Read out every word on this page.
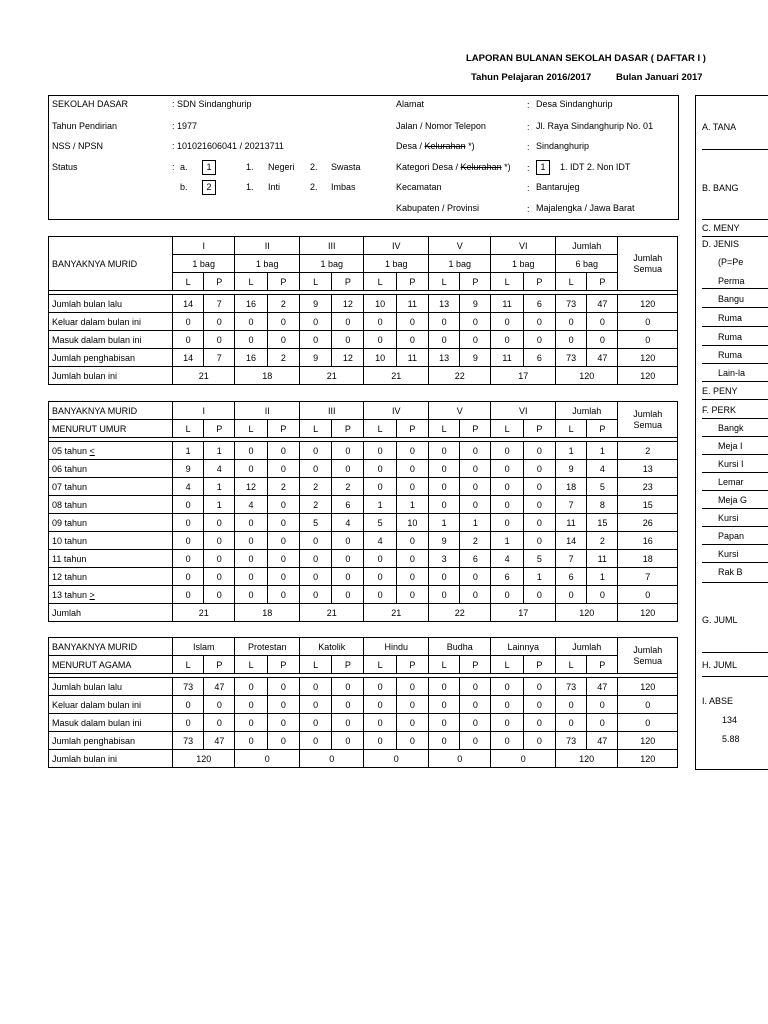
LAPORAN BULANAN SEKOLAH DASAR ( DAFTAR I )
Tahun Pelajaran 2016/2017	Bulan Januari 2017
SEKOLAH DASAR	: SDN Sindanghurip
Tahun Pendirian	: 1977
NSS / NPSN	: 101021606041 / 20213711
Status	: a.	1	1. Negeri 2. Swasta
b.	2	1. Inti	2. Imbas
Alamat	: Desa Sindanghurip
Jalan / Nomor Telepon	: Jl. Raya Sindanghurip No. 01
Desa / Kelurahan *)	: Sindanghurip
Kategori Desa / Kelurahan *) :	1	1. IDT 2. Non IDT
Kecamatan	: Bantarujeg
Kabupaten / Provinsi	: Majalengka / Jawa Barat
BANYAKNYA MURID	I		II		III		IV		V		VI		Jumlah		Jumlah Semua
	1 bag		1 bag		1 bag		1 bag		1 bag		1 bag		6 bag		
	L	P	L	P	L	P	L	P	L	P	L	P	L	P	

Jumlah bulan lalu	14	7	16	2	9	12	10	11	13	9	11	6	73	47	120
Keluar dalam bulan ini	0	0	0	0	0	0	0	0	0	0	0	0	0	0	0
Masuk dalam bulan ini	0	0	0	0	0	0	0	0	0	0	0	0	0	0	0
Jumlah penghabisan	14	7	16	2	9	12	10	11	13	9	11	6	73	47	120
Jumlah bulan ini	21		18		21		21		22		17		120		120
BANYAKNYA MURID	I		II		III		IV		V		VI		Jumlah		Jumlah Semua
MENURUT UMUR	L	P	L	P	L	P	L	P	L	P	L	P	L	P	

05 tahun <	1	1	0	0	0	0	0	0	0	0	0	0	1	1	2
06 tahun	9	4	0	0	0	0	0	0	0	0	0	0	9	4	13
07 tahun	4	1	12	2	2	2	0	0	0	0	0	0	18	5	23
08 tahun	0	1	4	0	2	6	1	1	0	0	0	0	7	8	15
09 tahun	0	0	0	0	5	4	5	10	1	1	0	0	11	15	26
10 tahun	0	0	0	0	0	0	4	0	9	2	1	0	14	2	16
11 tahun	0	0	0	0	0	0	0	0	3	6	4	5	7	11	18
12 tahun	0	0	0	0	0	0	0	0	0	0	6	1	6	1	7
13 tahun >	0	0	0	0	0	0	0	0	0	0	0	0	0	0	0
Jumlah	21		18		21		21		22		17		120		120
BANYAKNYA MURID	Islam		Protestan		Katolik		Hindu		Budha		Lainnya		Jumlah		Jumlah Semua
MENURUT AGAMA	L	P	L	P	L	P	L	P	L	P	L	P	L	P	

Jumlah bulan lalu	73	47	0	0	0	0	0	0	0	0	0	0	73	47	120
Keluar dalam bulan ini	0	0	0	0	0	0	0	0	0	0	0	0	0	0	0
Masuk dalam bulan ini	0	0	0	0	0	0	0	0	0	0	0	0	0	0	0
Jumlah penghabisan	73	47	0	0	0	0	0	0	0	0	0	0	73	47	120
Jumlah bulan ini	120		0		0		0		0		0		120		120
A. TANA
B. BANG
C. MENY
D. JENIS
(P=Pe
Perma
Bangu
Ruma
Ruma
Ruma
Lain-la
E. PENY
F. PERK
Bangk
Meja I
Kursi I
Lemar
Meja G
Kursi
Papan
Kursi
Rak B
G. JUML
H. JUML
I. ABSE
134
5.88
